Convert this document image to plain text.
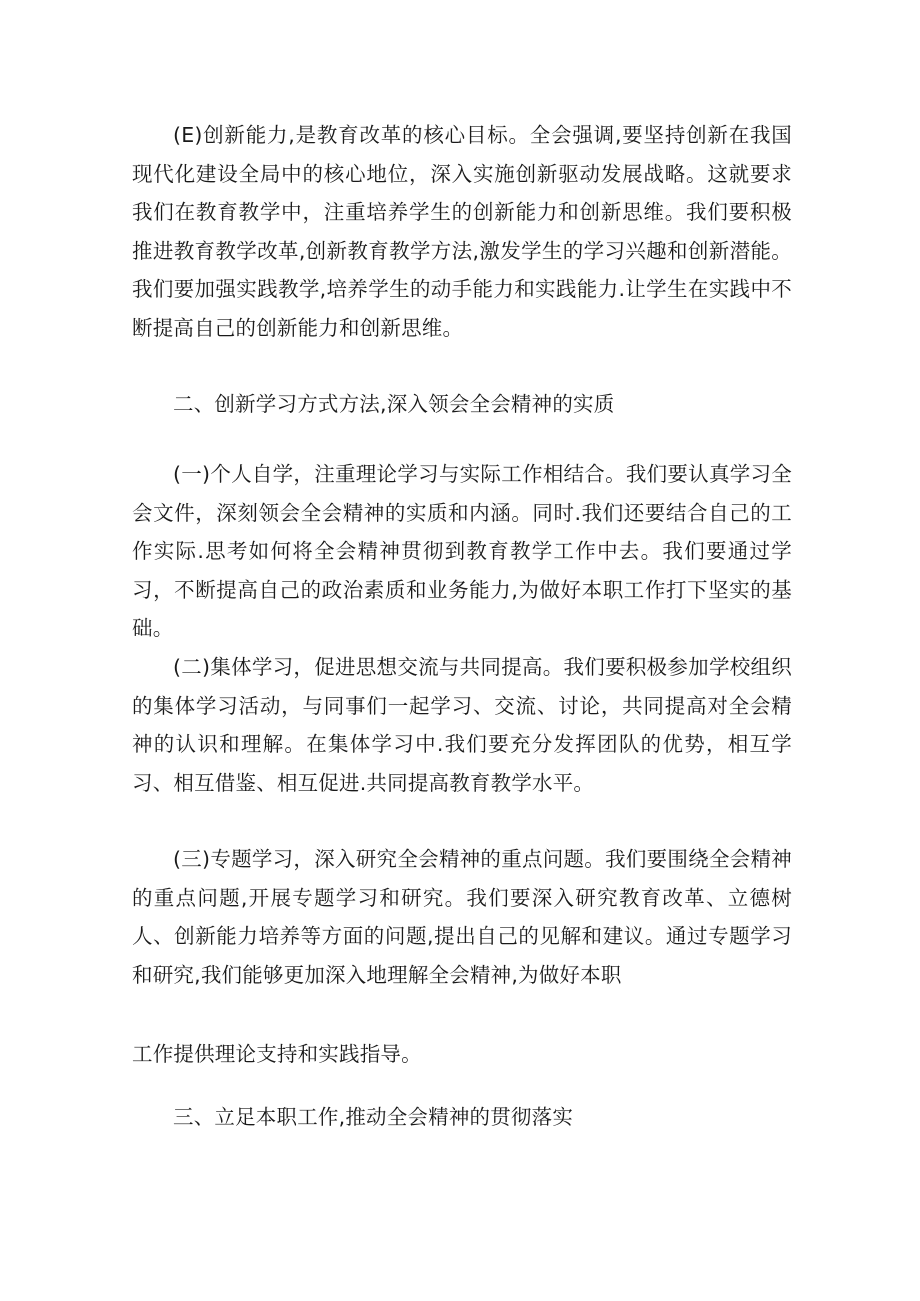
(E)创新能力,是教育改革的核心目标。全会强调,要坚持创新在我国现代化建设全局中的核心地位，深入实施创新驱动发展战略。这就要求我们在教育教学中，注重培养学生的创新能力和创新思维。我们要积极推进教育教学改革,创新教育教学方法,激发学生的学习兴趣和创新潜能。我们要加强实践教学,培养学生的动手能力和实践能力.让学生在实践中不断提高自己的创新能力和创新思维。

二、创新学习方式方法,深入领会全会精神的实质

(一)个人自学，注重理论学习与实际工作相结合。我们要认真学习全会文件，深刻领会全会精神的实质和内涵。同时.我们还要结合自己的工作实际.思考如何将全会精神贯彻到教育教学工作中去。我们要通过学习，不断提高自己的政治素质和业务能力,为做好本职工作打下坚实的基础。

(二)集体学习，促进思想交流与共同提高。我们要积极参加学校组织的集体学习活动，与同事们一起学习、交流、讨论，共同提高对全会精神的认识和理解。在集体学习中.我们要充分发挥团队的优势，相互学习、相互借鉴、相互促进.共同提高教育教学水平。

(三)专题学习，深入研究全会精神的重点问题。我们要围绕全会精神的重点问题,开展专题学习和研究。我们要深入研究教育改革、立德树人、创新能力培养等方面的问题,提出自己的见解和建议。通过专题学习和研究,我们能够更加深入地理解全会精神,为做好本职

工作提供理论支持和实践指导。

三、立足本职工作,推动全会精神的贯彻落实
